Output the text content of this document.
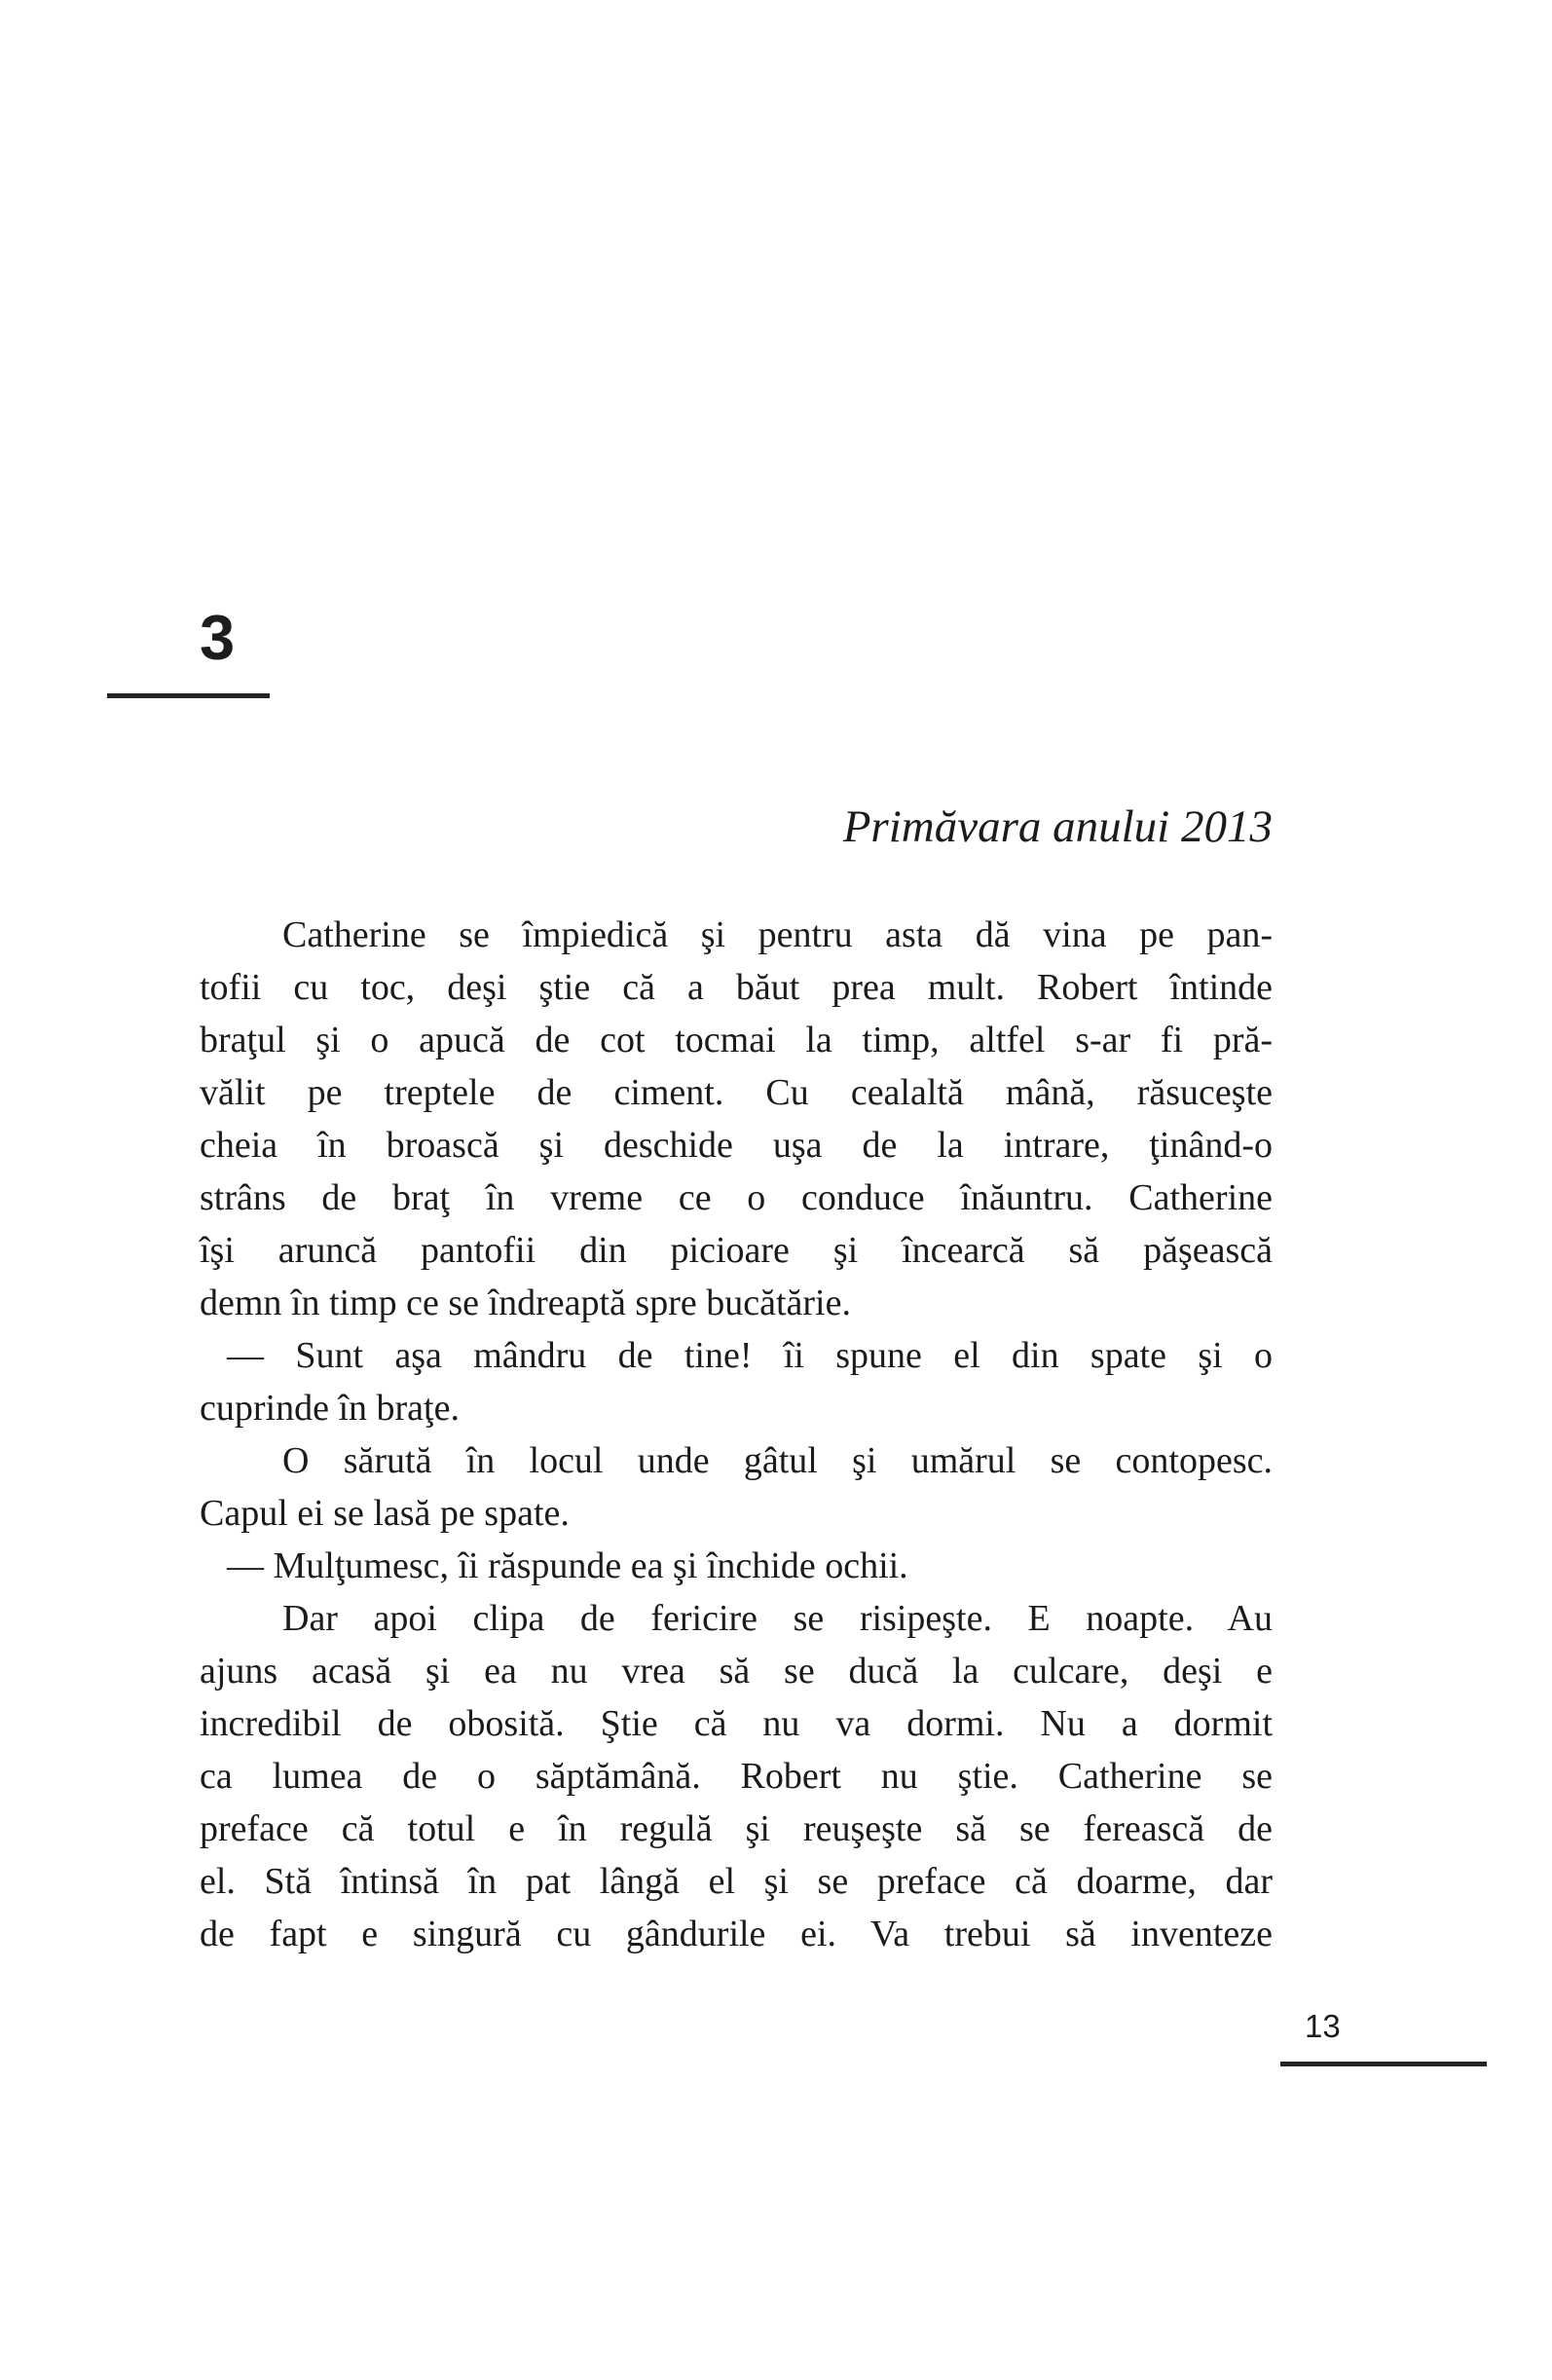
3
Primăvara anului 2013
Catherine se împiedică şi pentru asta dă vina pe pan-
tofii cu toc, deşi ştie că a băut prea mult. Robert întinde
braţul şi o apucă de cot tocmai la timp, altfel s-ar fi pră-
vălit pe treptele de ciment. Cu cealaltă mână, răsuceşte
cheia în broască şi deschide uşa de la intrare, ţinând-o
strâns de braţ în vreme ce o conduce înăuntru. Catherine
îşi aruncă pantofii din picioare şi încearcă să păşească
demn în timp ce se îndreaptă spre bucătărie.
— Sunt aşa mândru de tine! îi spune el din spate şi o
cuprinde în braţe.
O sărută în locul unde gâtul şi umărul se contopesc.
Capul ei se lasă pe spate.
— Mulţumesc, îi răspunde ea şi închide ochii.
Dar apoi clipa de fericire se risipeşte. E noapte. Au
ajuns acasă şi ea nu vrea să se ducă la culcare, deşi e
incredibil de obosită. Ştie că nu va dormi. Nu a dormit
ca lumea de o săptămână. Robert nu ştie. Catherine se
preface că totul e în regulă şi reuşeşte să se ferească de
el. Stă întinsă în pat lângă el şi se preface că doarme, dar
de fapt e singură cu gândurile ei. Va trebui să inventeze
13
